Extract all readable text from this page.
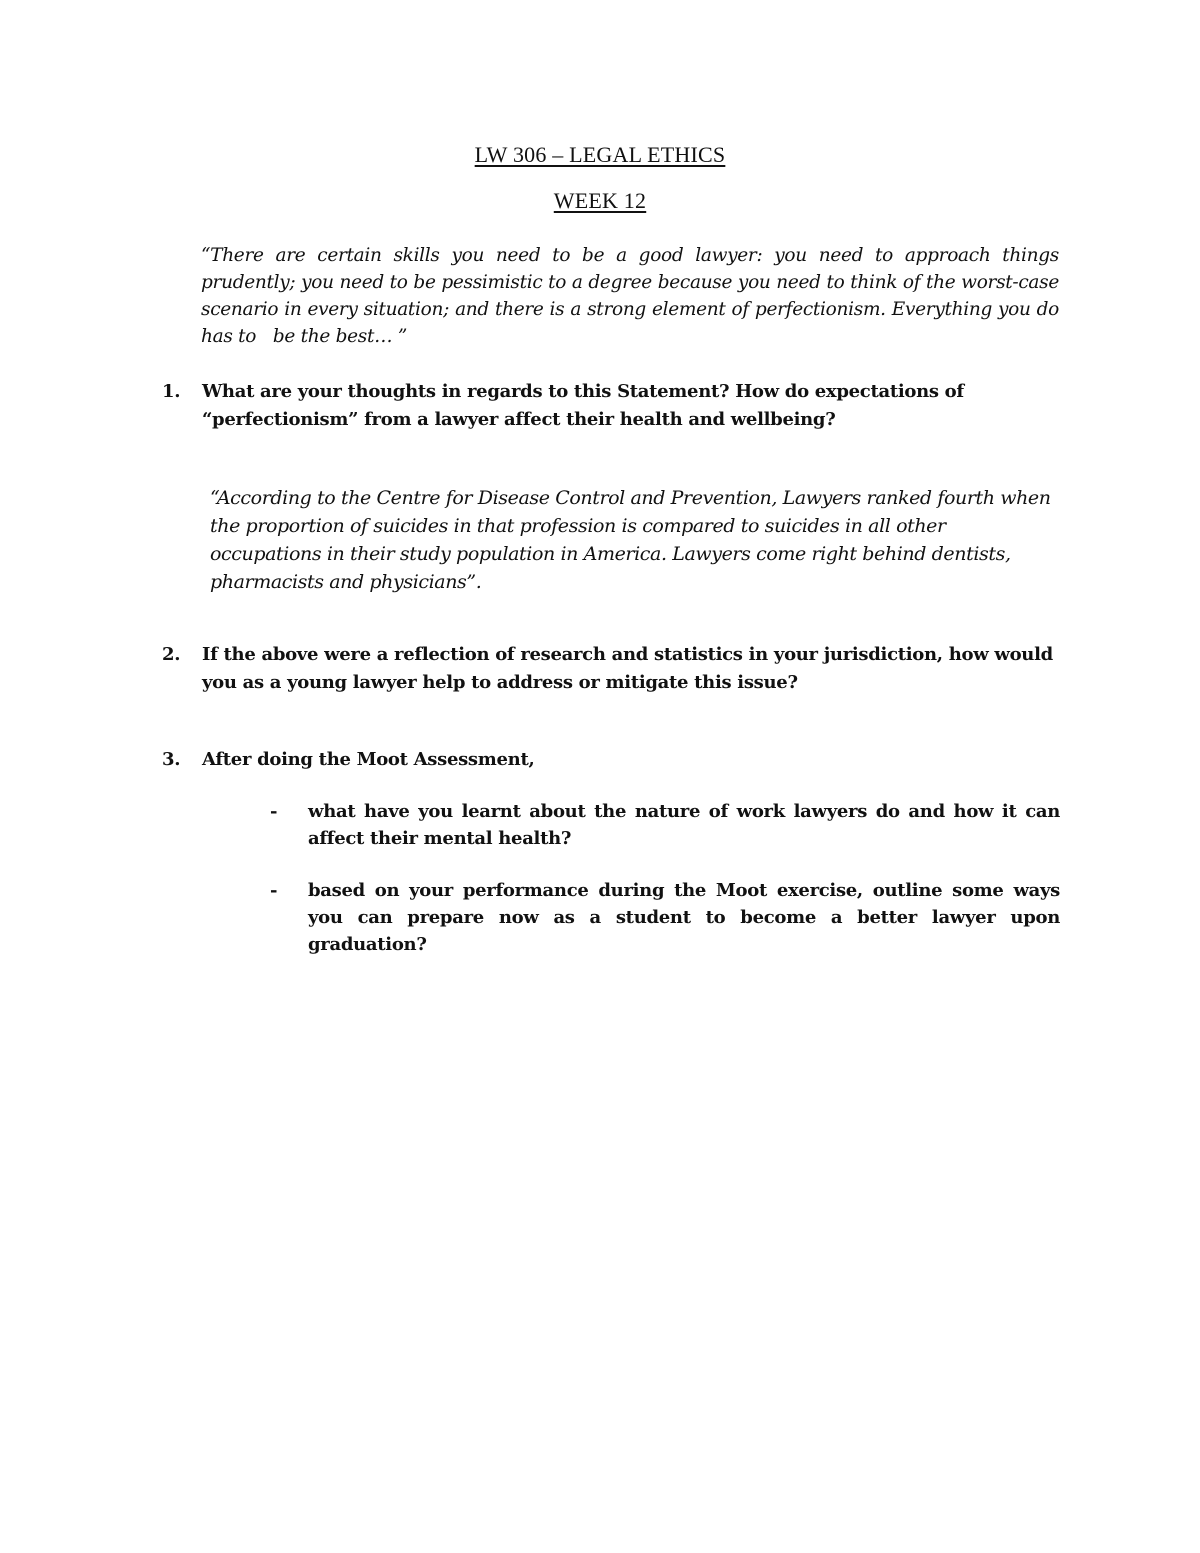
LW 306 – LEGAL ETHICS
WEEK 12
“There are certain skills you need to be a good lawyer: you need to approach things
prudently; you need to be pessimistic to a degree because you need to think of the worst-case
scenario in every situation; and there is a strong element of perfectionism. Everything you do
has to   be the best… ”
1. What are your thoughts in regards to this Statement? How do expectations of “perfectionism” from a lawyer affect their health and wellbeing?
“According to the Centre for Disease Control and Prevention, Lawyers ranked fourth when the proportion of suicides in that profession is compared to suicides in all other occupations in their study population in America. Lawyers come right behind dentists, pharmacists and physicians”.
2. If the above were a reflection of research and statistics in your jurisdiction, how would you as a young lawyer help to address or mitigate this issue?
3. After doing the Moot Assessment,
- what have you learnt about the nature of work lawyers do and how it can affect their mental health?
- based on your performance during the Moot exercise, outline some ways you can prepare now as a student to become a better lawyer upon graduation?
